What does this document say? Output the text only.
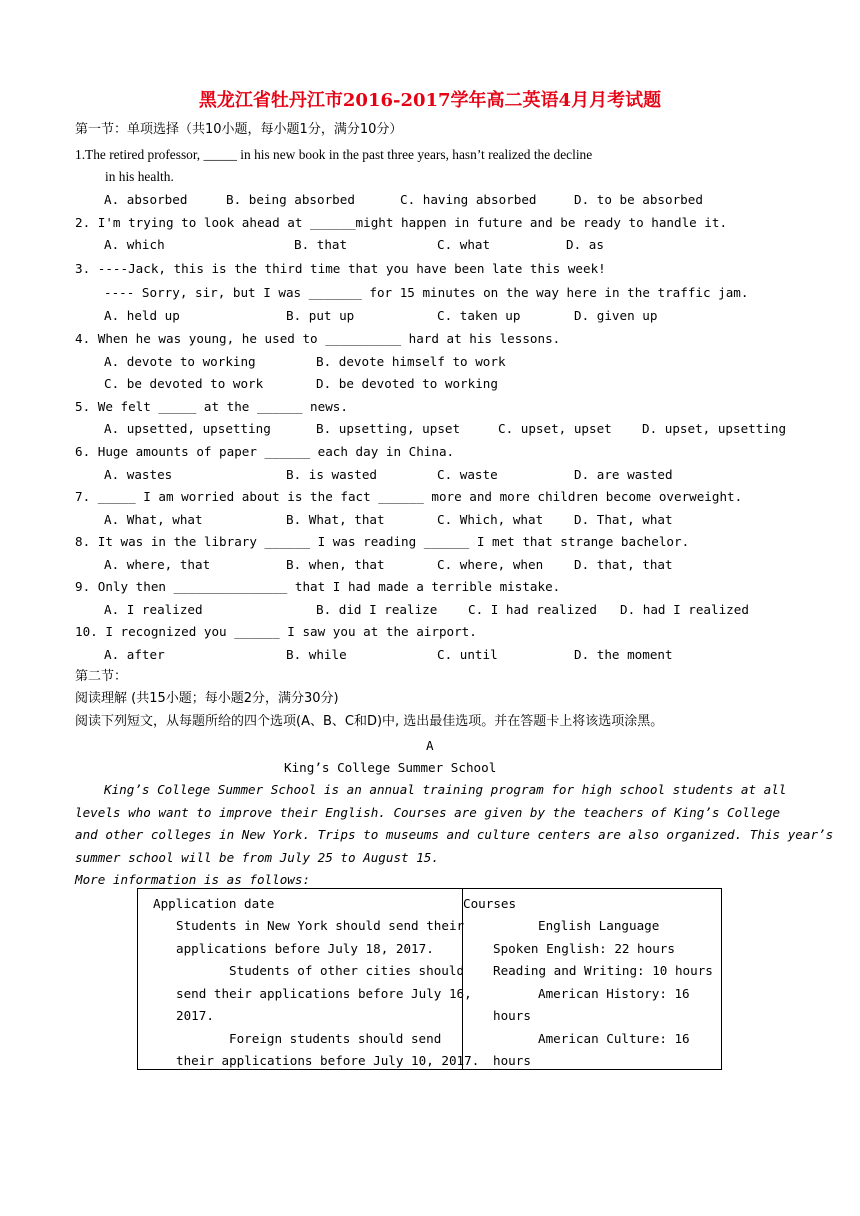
黑龙江省牡丹江市2016-2017学年高二英语4月月考试题
第一节：单项选择（共10小题，每小题1分，满分10分）
1.The retired professor, _____ in his new book in the past three years, hasn’t realized the decline
in his health.
A. absorbed	B. being absorbed	C. having absorbed	D. to be absorbed
2. I'm trying to look ahead at ______might happen in future and be ready to handle it.
A. which	B. that	C. what	D. as
3. ----Jack, this is the third time that you have been late this week!
---- Sorry, sir, but I was _______ for 15 minutes on the way here in the traffic jam.
A. held up	B. put up	C. taken up	D. given up
4. When he was young, he used to __________ hard at his lessons.
A. devote to working	B. devote himself to work
C. be devoted to work	D. be devoted to working
5. We felt _____ at the ______ news.
A. upsetted, upsetting	B. upsetting, upset	C. upset, upset D. upset, upsetting
6. Huge amounts of paper ______ each day in China.
A. wastes	B. is wasted	C. waste	D. are wasted
7. _____ I am worried about is the fact ______ more and more children become overweight.
A. What, what	B. What, that	C. Which, what D. That, what
8. It was in the library ______ I was reading ______ I met that strange bachelor.
A. where, that	B. when, that	C. where, when D. that, that
9. Only then _______________ that I had made a terrible mistake.
A. I realized	B. did I realize C. I had realized D. had I realized
10. I recognized you ______ I saw you at the airport.
A. after	B. while	C. until	D. the moment
第二节：
阅读理解 (共15小题；每小题2分，满分30分)
阅读下列短文，从每题所给的四个选项(A、B、C和D)中, 选出最佳选项。并在答题卡上将该选项涂黑。
A
King’s College Summer School
King’s College Summer School is an annual training program for high school students at all
levels who want to improve their English. Courses are given by the teachers of King’s College
and other colleges in New York. Trips to museums and culture centers are also organized. This year’s
summer school will be from July 25 to August 15.
More information is as follows:
Application date
Students in New York should send their
applications before July 18, 2017.
Students of other cities should
send their applications before July 16,
2017.
Foreign students should send
their applications before July 10, 2017.
Courses
English Language
Spoken English: 22 hours
Reading and Writing: 10 hours
American History: 16
hours
American Culture: 16
hours
